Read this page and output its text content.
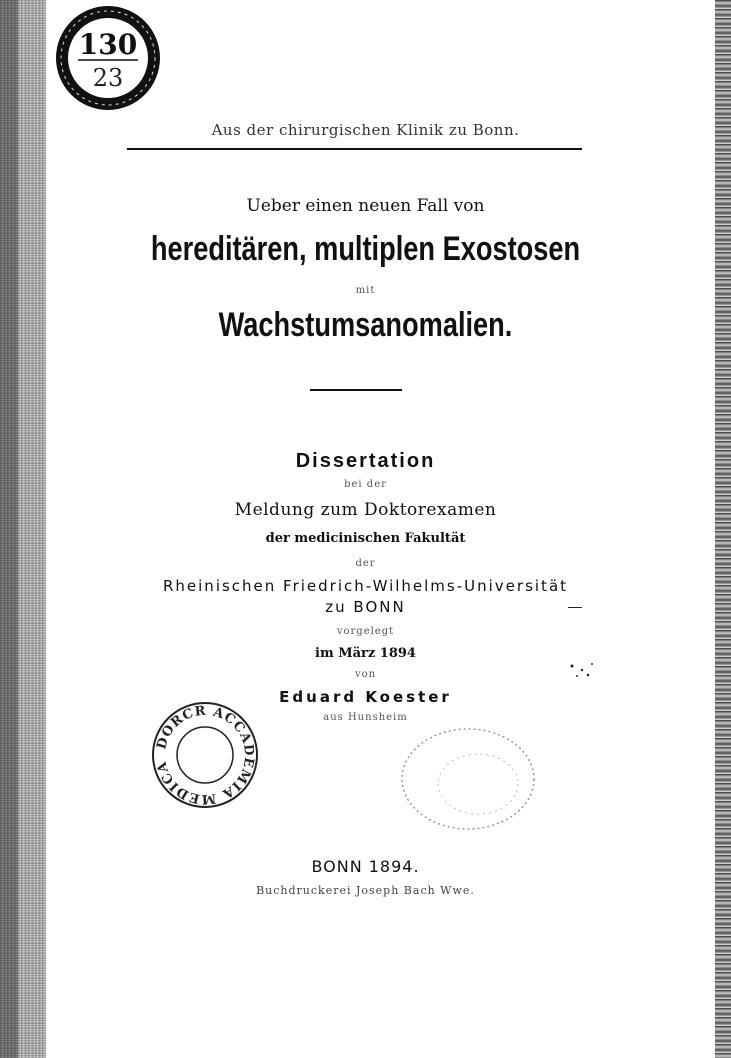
130
23
Aus der chirurgischen Klinik zu Bonn.
Ueber einen neuen Fall von
hereditären, multiplen Exostosen
mit
Wachstumsanomalien.
Dissertation
bei der
Meldung zum Doktorexamen
der medicinischen Fakultät
der
Rheinischen Friedrich-Wilhelms-Universität
zu BONN
vorgelegt
im März 1894
von
Eduard Koester
aus Hunsheim
DORCR ACCADEMIA MEDICA
BONN 1894.
Buchdruckerei Joseph Bach Wwe.
